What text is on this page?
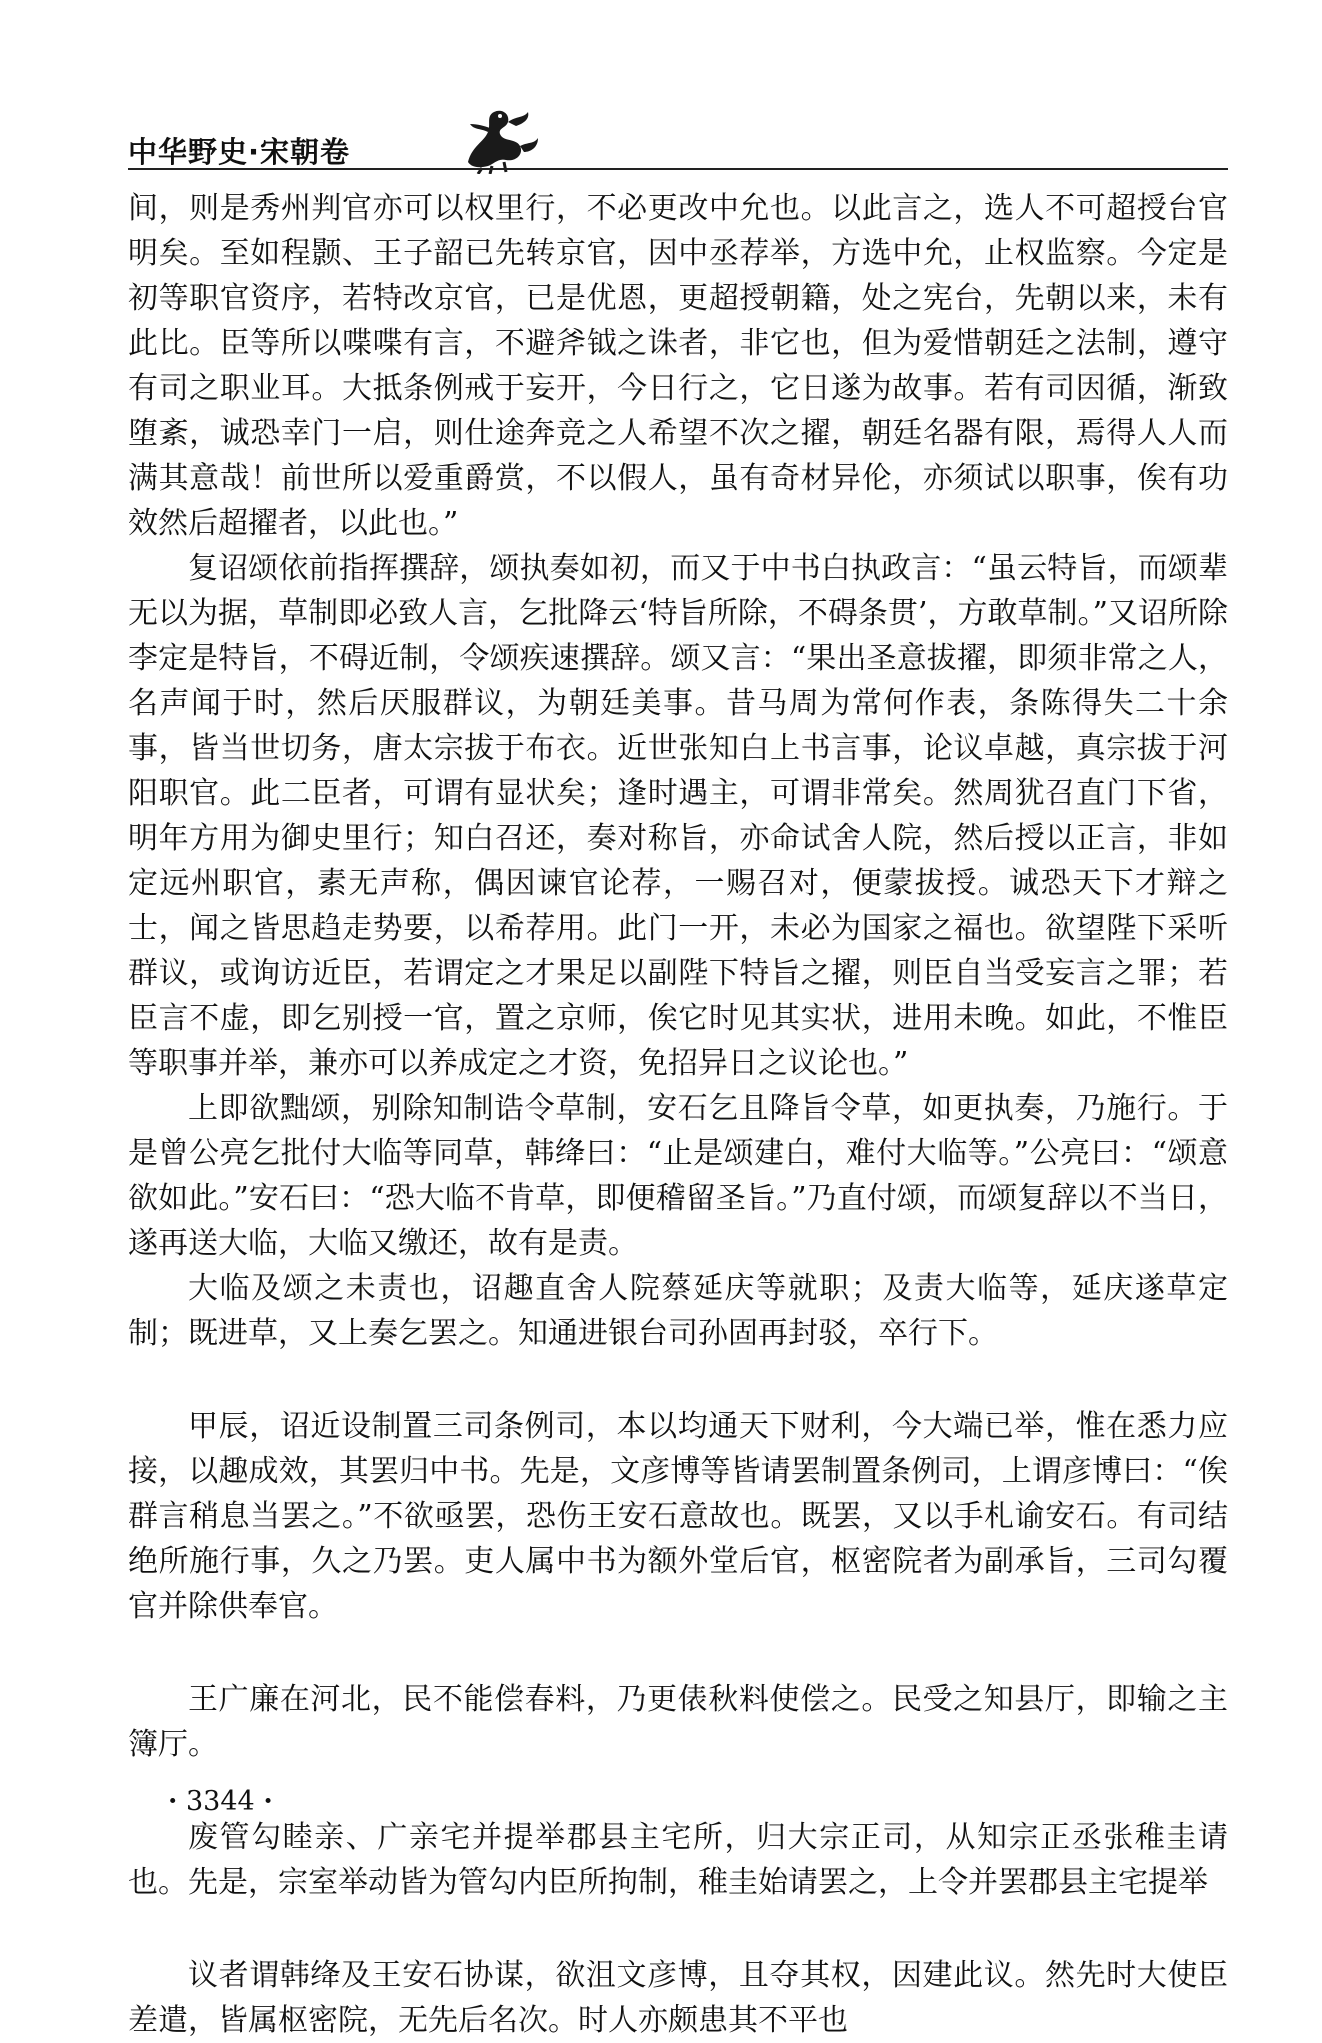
中华野史·宋朝卷

间，则是秀州判官亦可以权里行，不必更改中允也。以此言之，选人不可超授台官明矣。至如程颢、王子韶已先转京官，因中丞荐举，方选中允，止权监察。今定是初等职官资序，若特改京官，已是优恩，更超授朝籍，处之宪台，先朝以来，未有此比。臣等所以喋喋有言，不避斧钺之诛者，非它也，但为爱惜朝廷之法制，遵守有司之职业耳。大抵条例戒于妄开，今日行之，它日遂为故事。若有司因循，渐致堕紊，诚恐幸门一启，则仕途奔竞之人希望不次之擢，朝廷名器有限，焉得人人而满其意哉！前世所以爱重爵赏，不以假人，虽有奇材异伦，亦须试以职事，俟有功效然后超擢者，以此也。”

复诏颂依前指挥撰辞，颂执奏如初，而又于中书白执政言：“虽云特旨，而颂辈无以为据，草制即必致人言，乞批降云‘特旨所除，不碍条贯’，方敢草制。”又诏所除李定是特旨，不碍近制，令颂疾速撰辞。颂又言：“果出圣意拔擢，即须非常之人，名声闻于时，然后厌服群议，为朝廷美事。昔马周为常何作表，条陈得失二十余事，皆当世切务，唐太宗拔于布衣。近世张知白上书言事，论议卓越，真宗拔于河阳职官。此二臣者，可谓有显状矣；逢时遇主，可谓非常矣。然周犹召直门下省，明年方用为御史里行；知白召还，奏对称旨，亦命试舍人院，然后授以正言，非如定远州职官，素无声称，偶因谏官论荐，一赐召对，便蒙拔授。诚恐天下才辩之士，闻之皆思趋走势要，以希荐用。此门一开，未必为国家之福也。欲望陛下采听群议，或询访近臣，若谓定之才果足以副陛下特旨之擢，则臣自当受妄言之罪；若臣言不虚，即乞别授一官，置之京师，俟它时见其实状，进用未晚。如此，不惟臣等职事并举，兼亦可以养成定之才资，免招异日之议论也。”

上即欲黜颂，别除知制诰令草制，安石乞且降旨令草，如更执奏，乃施行。于是曾公亮乞批付大临等同草，韩绛曰：“止是颂建白，难付大临等。”公亮曰：“颂意欲如此。”安石曰：“恐大临不肯草，即便稽留圣旨。”乃直付颂，而颂复辞以不当日，遂再送大临，大临又缴还，故有是责。

大临及颂之未责也，诏趣直舍人院蔡延庆等就职；及责大临等，延庆遂草定制；既进草，又上奏乞罢之。知通进银台司孙固再封驳，卒行下。

甲辰，诏近设制置三司条例司，本以均通天下财利，今大端已举，惟在悉力应接，以趣成效，其罢归中书。先是，文彦博等皆请罢制置条例司，上谓彦博曰：“俟群言稍息当罢之。”不欲亟罢，恐伤王安石意故也。既罢，又以手札谕安石。有司结绝所施行事，久之乃罢。吏人属中书为额外堂后官，枢密院者为副承旨，三司勾覆官并除供奉官。

王广廉在河北，民不能偿春料，乃更俵秋料使偿之。民受之知县厅，即输之主簿厅。

废管勾睦亲、广亲宅并提举郡县主宅所，归大宗正司，从知宗正丞张稚圭请也。先是，宗室举动皆为管勾内臣所拘制，稚圭始请罢之，上令并罢郡县主宅提举

议者谓韩绛及王安石协谋，欲沮文彦博，且夺其权，因建此议。然先时大使臣差遣，皆属枢密院，无先后名次。时人亦颇患其不平也

· 3344 ·
